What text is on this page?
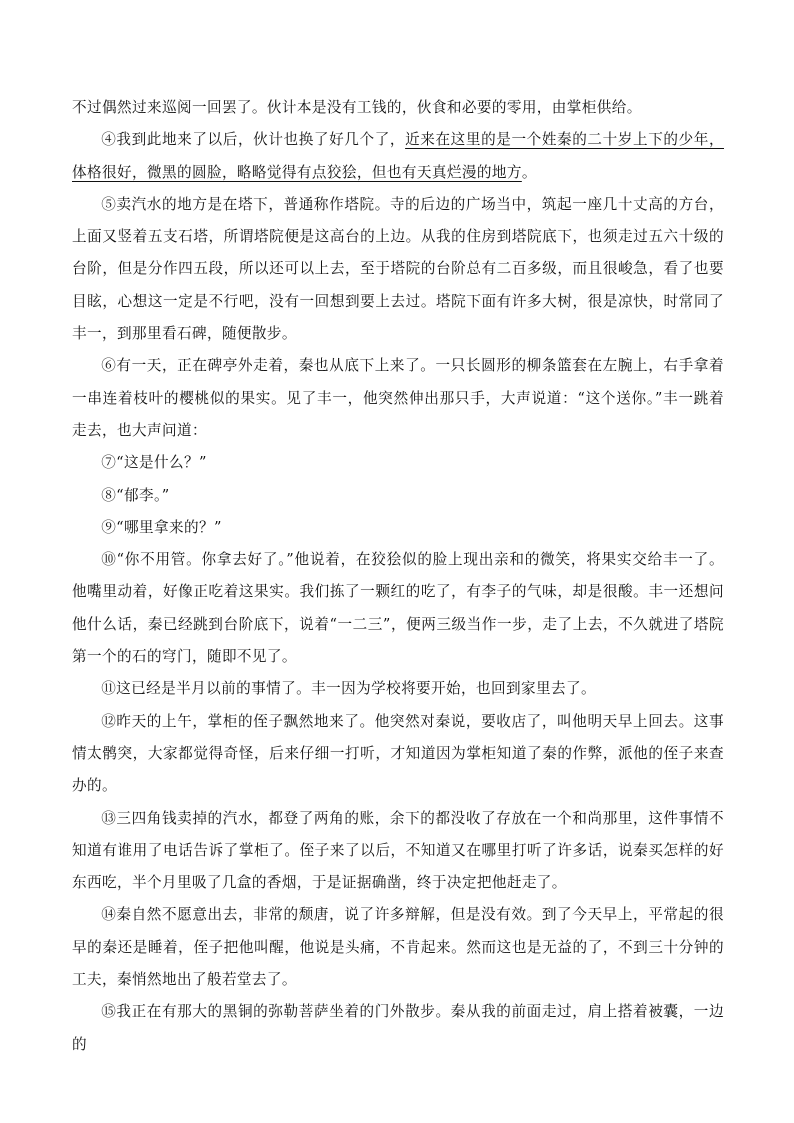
不过偶然过来巡阅一回罢了。伙计本是没有工钱的，伙食和必要的零用，由掌柜供给。

④我到此地来了以后，伙计也换了好几个了，近来在这里的是一个姓秦的二十岁上下的少年，体格很好，微黑的圆脸，略略觉得有点狡狯，但也有天真烂漫的地方。

⑤卖汽水的地方是在塔下，普通称作塔院。寺的后边的广场当中，筑起一座几十丈高的方台，上面又竖着五支石塔，所谓塔院便是这高台的上边。从我的住房到塔院底下，也须走过五六十级的台阶，但是分作四五段，所以还可以上去，至于塔院的台阶总有二百多级，而且很峻急，看了也要目眩，心想这一定是不行吧，没有一回想到要上去过。塔院下面有许多大树，很是凉快，时常同了丰一，到那里看石碑，随便散步。

⑥有一天，正在碑亭外走着，秦也从底下上来了。一只长圆形的柳条篮套在左腕上，右手拿着一串连着枝叶的樱桃似的果实。见了丰一，他突然伸出那只手，大声说道：“这个送你。”丰一跳着走去，也大声问道：

⑦“这是什么？”

⑧“郁李。”

⑨“哪里拿来的？”

⑩“你不用管。你拿去好了。”他说着，在狡狯似的脸上现出亲和的微笑，将果实交给丰一了。他嘴里动着，好像正吃着这果实。我们拣了一颗红的吃了，有李子的气味，却是很酸。丰一还想问他什么话，秦已经跳到台阶底下，说着“一二三”，便两三级当作一步，走了上去，不久就进了塔院第一个的石的穹门，随即不见了。

⑪这已经是半月以前的事情了。丰一因为学校将要开始，也回到家里去了。

⑫昨天的上午，掌柜的侄子飘然地来了。他突然对秦说，要收店了，叫他明天早上回去。这事情太鹘突，大家都觉得奇怪，后来仔细一打听，才知道因为掌柜知道了秦的作弊，派他的侄子来查办的。

⑬三四角钱卖掉的汽水，都登了两角的账，余下的都没收了存放在一个和尚那里，这件事情不知道有谁用了电话告诉了掌柜了。侄子来了以后，不知道又在哪里打听了许多话，说秦买怎样的好东西吃，半个月里吸了几盒的香烟，于是证据确凿，终于决定把他赶走了。

⑭秦自然不愿意出去，非常的颓唐，说了许多辩解，但是没有效。到了今天早上，平常起的很早的秦还是睡着，侄子把他叫醒，他说是头痛，不肯起来。然而这也是无益的了，不到三十分钟的工夫，秦悄然地出了般若堂去了。

⑮我正在有那大的黑铜的弥勒菩萨坐着的门外散步。秦从我的前面走过，肩上搭着被囊，一边的
